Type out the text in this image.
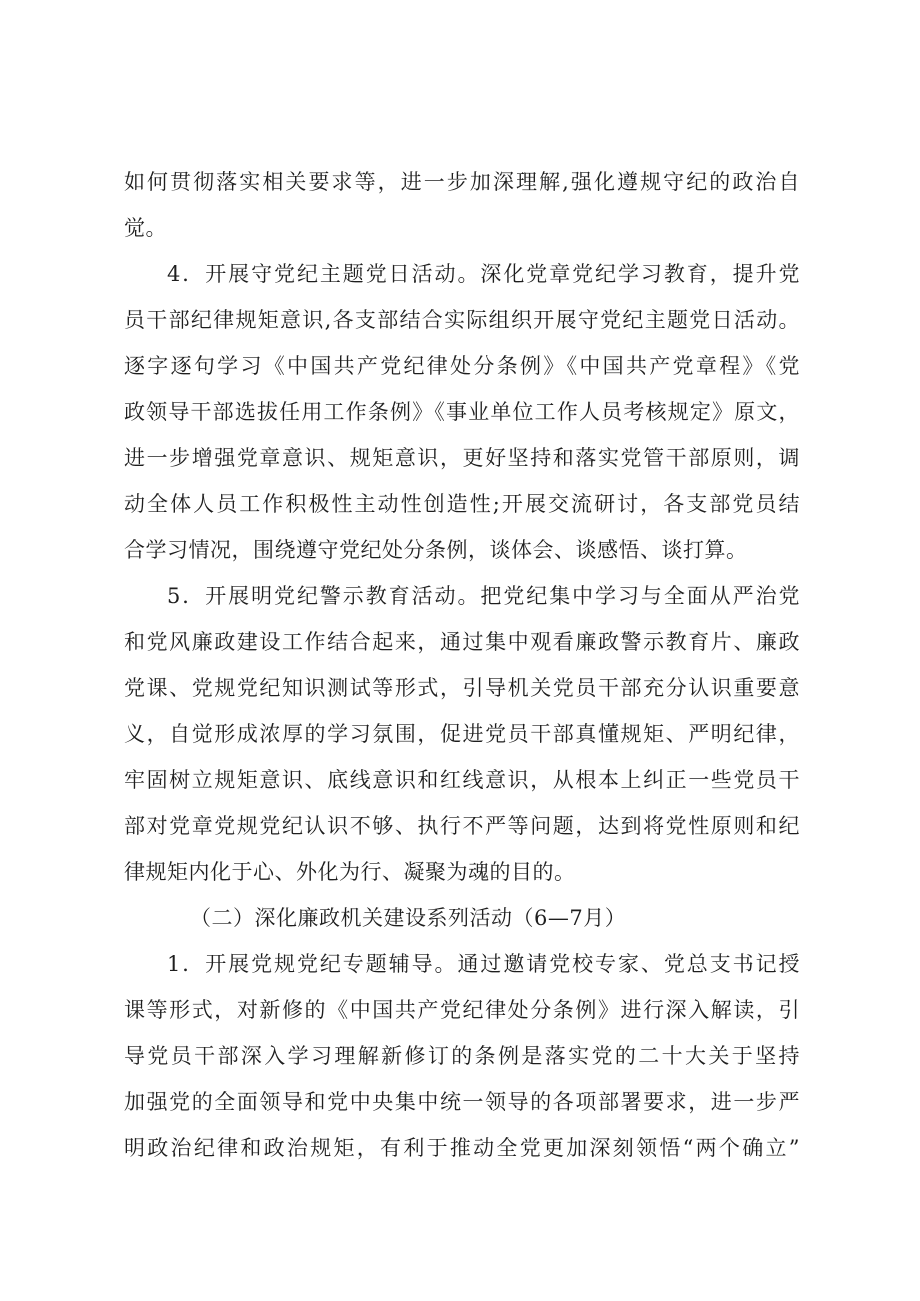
如何贯彻落实相关要求等，进一步加深理解,强化遵规守纪的政治自
觉。
4．开展守党纪主题党日活动。深化党章党纪学习教育，提升党
员干部纪律规矩意识,各支部结合实际组织开展守党纪主题党日活动。
逐字逐句学习《中国共产党纪律处分条例》《中国共产党章程》《党
政领导干部选拔任用工作条例》《事业单位工作人员考核规定》原文，
进一步增强党章意识、规矩意识，更好坚持和落实党管干部原则，调
动全体人员工作积极性主动性创造性;开展交流研讨，各支部党员结
合学习情况，围绕遵守党纪处分条例，谈体会、谈感悟、谈打算。
5．开展明党纪警示教育活动。把党纪集中学习与全面从严治党
和党风廉政建设工作结合起来，通过集中观看廉政警示教育片、廉政
党课、党规党纪知识测试等形式，引导机关党员干部充分认识重要意
义，自觉形成浓厚的学习氛围，促进党员干部真懂规矩、严明纪律，
牢固树立规矩意识、底线意识和红线意识，从根本上纠正一些党员干
部对党章党规党纪认识不够、执行不严等问题，达到将党性原则和纪
律规矩内化于心、外化为行、凝聚为魂的目的。
（二）深化廉政机关建设系列活动（6—7月）
1．开展党规党纪专题辅导。通过邀请党校专家、党总支书记授
课等形式，对新修的《中国共产党纪律处分条例》进行深入解读，引
导党员干部深入学习理解新修订的条例是落实党的二十大关于坚持
加强党的全面领导和党中央集中统一领导的各项部署要求，进一步严
明政治纪律和政治规矩，有利于推动全党更加深刻领悟“两个确立”
